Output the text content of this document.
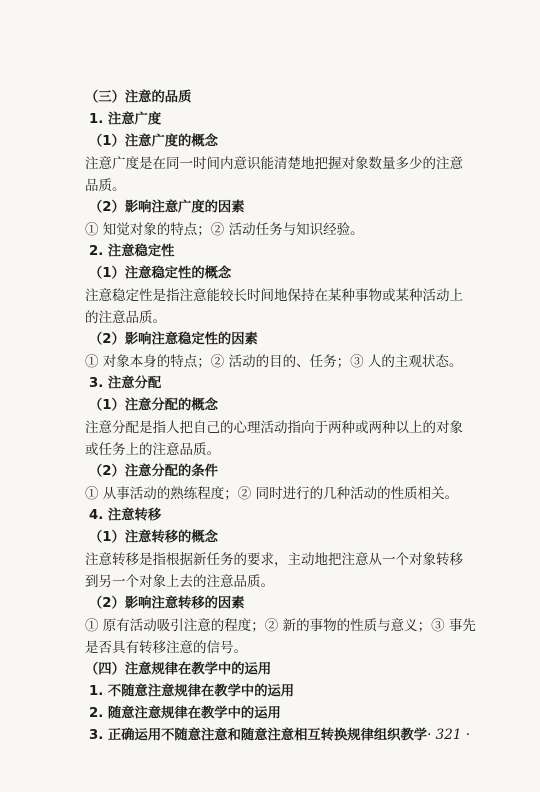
（三）注意的品质
1. 注意广度
（1）注意广度的概念
注意广度是在同一时间内意识能清楚地把握对象数量多少的注意
品质。
（2）影响注意广度的因素
① 知觉对象的特点；② 活动任务与知识经验。
2. 注意稳定性
（1）注意稳定性的概念
注意稳定性是指注意能较长时间地保持在某种事物或某种活动上
的注意品质。
（2）影响注意稳定性的因素
① 对象本身的特点；② 活动的目的、任务；③ 人的主观状态。
3. 注意分配
（1）注意分配的概念
注意分配是指人把自己的心理活动指向于两种或两种以上的对象
或任务上的注意品质。
（2）注意分配的条件
① 从事活动的熟练程度；② 同时进行的几种活动的性质相关。
4. 注意转移
（1）注意转移的概念
注意转移是指根据新任务的要求，主动地把注意从一个对象转移
到另一个对象上去的注意品质。
（2）影响注意转移的因素
① 原有活动吸引注意的程度；② 新的事物的性质与意义；③ 事先
是否具有转移注意的信号。
（四）注意规律在教学中的运用
1. 不随意注意规律在教学中的运用
2. 随意注意规律在教学中的运用
3. 正确运用不随意注意和随意注意相互转换规律组织教学 · 321 ·
